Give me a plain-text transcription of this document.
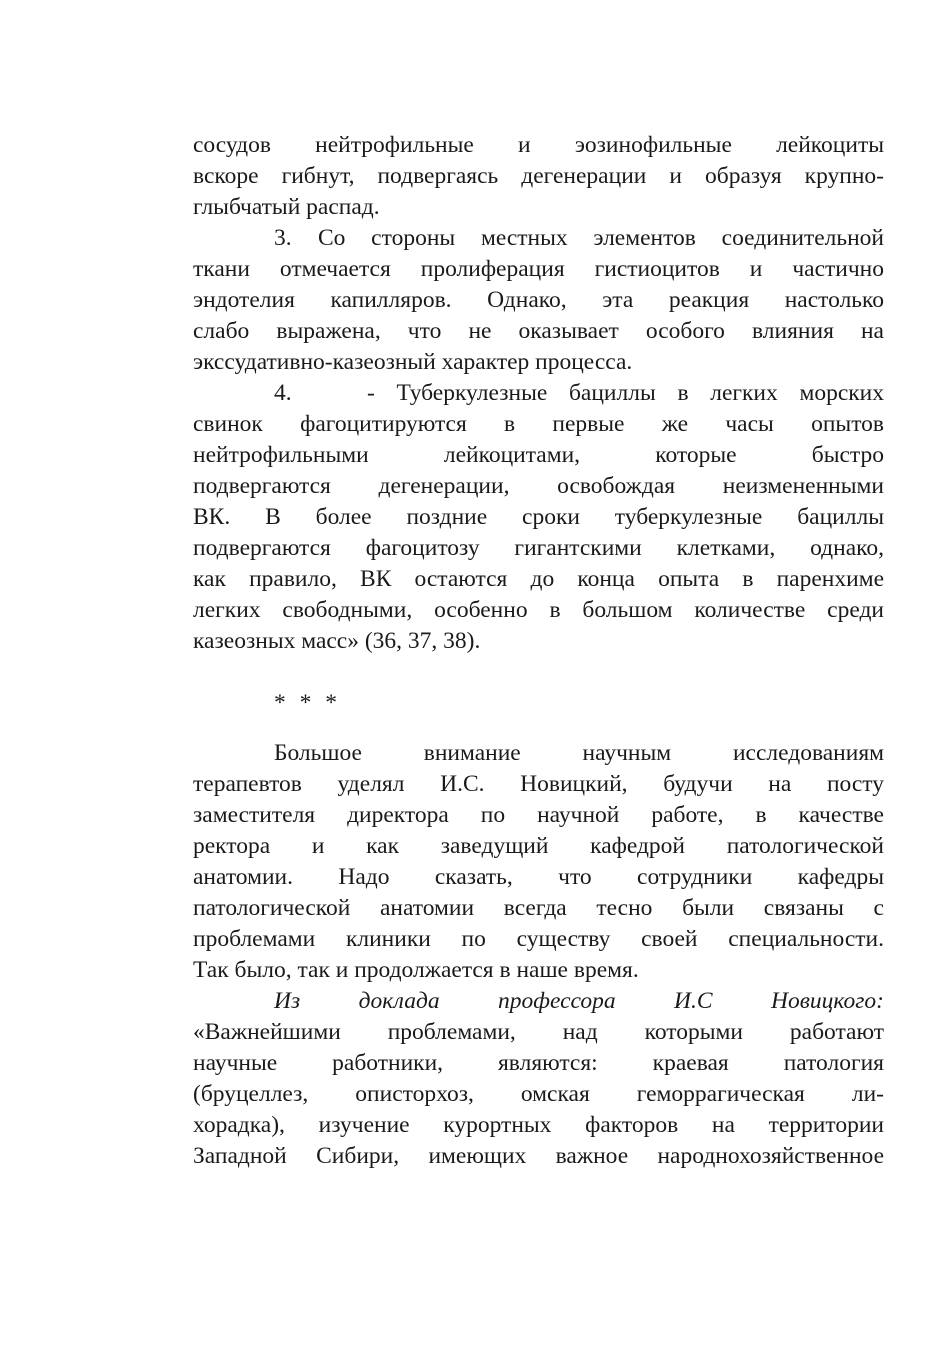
сосудов нейтрофильные и эозинофильные лейкоциты
вскоре гибнут, подвергаясь дегенерации и образуя крупно-
глыбчатый распад.
3. Со стороны местных элементов соединительной
ткани отмечается пролиферация гистиоцитов и частично
эндотелия капилляров. Однако, эта реакция настолько
слабо выражена, что не оказывает особого влияния на
экссудативно-казеозный характер процесса.
4.	- Туберкулезные бациллы в легких морских
свинок фагоцитируются в первые же часы опытов
нейтрофильными лейкоцитами, которые быстро
подвергаются дегенерации, освобождая неизмененными
ВК. В более поздние сроки туберкулезные бациллы
подвергаются фагоцитозу гигантскими клетками, однако,
как правило, ВК остаются до конца опыта в паренхиме
легких свободными, особенно в большом количестве среди
казеозных масс» (36, 37, 38).
* * *
Большое внимание научным исследованиям
терапевтов уделял И.С. Новицкий, будучи на посту
заместителя директора по научной работе, в качестве
ректора и как заведущий кафедрой патологической
анатомии. Надо сказать, что сотрудники кафедры
патологической анатомии всегда тесно были связаны с
проблемами клиники по существу своей специальности.
Так было, так и продолжается в наше время.
Из доклада профессора И.С Новицкого:
«Важнейшими проблемами, над которыми работают
научные работники, являются: краевая патология
(бруцеллез, описторхоз, омская геморрагическая ли-
хорадка), изучение курортных факторов на территории
Западной Сибири, имеющих важное народнохозяйственное
